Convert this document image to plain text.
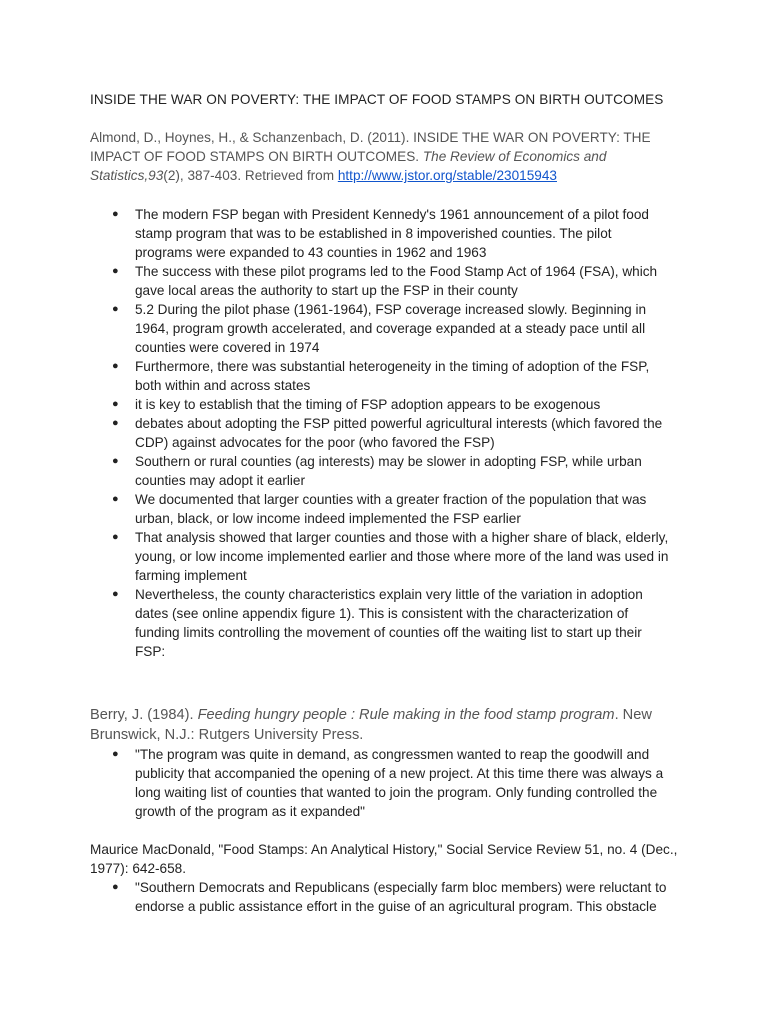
INSIDE THE WAR ON POVERTY: THE IMPACT OF FOOD STAMPS ON BIRTH OUTCOMES
Almond, D., Hoynes, H., & Schanzenbach, D. (2011). INSIDE THE WAR ON POVERTY: THE IMPACT OF FOOD STAMPS ON BIRTH OUTCOMES. The Review of Economics and Statistics,93(2), 387-403. Retrieved from http://www.jstor.org/stable/23015943
● The modern FSP began with President Kennedy's 1961 announcement of a pilot food stamp program that was to be established in 8 impoverished counties. The pilot programs were expanded to 43 counties in 1962 and 1963
● The success with these pilot programs led to the Food Stamp Act of 1964 (FSA), which gave local areas the authority to start up the FSP in their county
● 5.2 During the pilot phase (1961-1964), FSP coverage increased slowly. Beginning in 1964, program growth accelerated, and coverage expanded at a steady pace until all counties were covered in 1974
● Furthermore, there was substantial heterogeneity in the timing of adoption of the FSP, both within and across states
● it is key to establish that the timing of FSP adoption appears to be exogenous
● debates about adopting the FSP pitted powerful agricultural interests (which favored the CDP) against advocates for the poor (who favored the FSP)
● Southern or rural counties (ag interests) may be slower in adopting FSP, while urban counties may adopt it earlier
● We documented that larger counties with a greater fraction of the population that was urban, black, or low income indeed implemented the FSP earlier
● That analysis showed that larger counties and those with a higher share of black, elderly, young, or low income implemented earlier and those where more of the land was used in farming implement
● Nevertheless, the county characteristics explain very little of the variation in adoption dates (see online appendix figure 1). This is consistent with the characterization of funding limits controlling the movement of counties off the waiting list to start up their FSP:
Berry, J. (1984). Feeding hungry people : Rule making in the food stamp program. New Brunswick, N.J.: Rutgers University Press.
● "The program was quite in demand, as congressmen wanted to reap the goodwill and publicity that accompanied the opening of a new project. At this time there was always a long waiting list of counties that wanted to join the program. Only funding controlled the growth of the program as it expanded"
Maurice MacDonald, "Food Stamps: An Analytical History," Social Service Review 51, no. 4 (Dec., 1977): 642-658.
● "Southern Democrats and Republicans (especially farm bloc members) were reluctant to endorse a public assistance effort in the guise of an agricultural program. This obstacle
